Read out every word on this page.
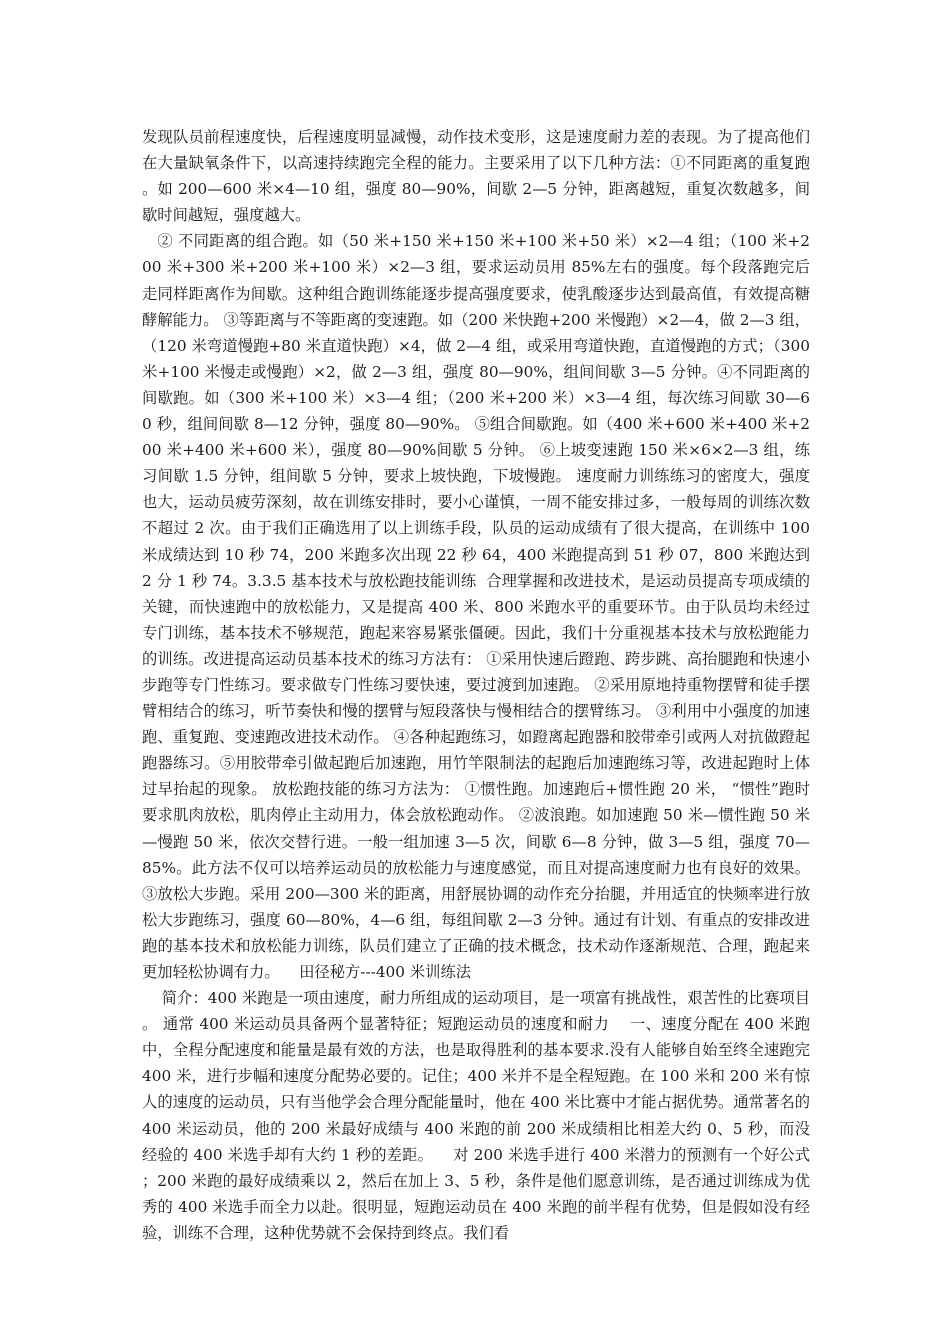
发现队员前程速度快，后程速度明显减慢，动作技术变形，这是速度耐力差的表现。为了提高他们在大量缺氧条件下，以高速持续跑完全程的能力。主要采用了以下几种方法：①不同距离的重复跑。如 200—600 米×4—10 组，强度 80—90%，间歇 2—5 分钟，距离越短，重复次数越多，间歇时间越短，强度越大。

② 不同距离的组合跑。如（50 米+150 米+150 米+100 米+50 米）×2—4 组；（100 米+200 米+300 米+200 米+100 米）×2—3 组，要求运动员用 85%左右的强度。每个段落跑完后走同样距离作为间歇。这种组合跑训练能逐步提高强度要求，使乳酸逐步达到最高值，有效提高糖酵解能力。 ③等距离与不等距离的变速跑。如（200 米快跑+200 米慢跑）×2—4，做 2—3 组，（120 米弯道慢跑+80 米直道快跑）×4，做 2—4 组，或采用弯道快跑，直道慢跑的方式；（300 米+100 米慢走或慢跑）×2，做 2—3 组，强度 80—90%，组间间歇 3—5 分钟。④不同距离的间歇跑。如（300 米+100 米）×3—4 组；（200 米+200 米）×3—4 组，每次练习间歇 30—60 秒，组间间歇 8—12 分钟，强度 80—90%。 ⑤组合间歇跑。如（400 米+600 米+400 米+200 米+400 米+600 米），强度 80—90%间歇 5 分钟。 ⑥上坡变速跑 150 米×6×2—3 组，练习间歇 1.5 分钟，组间歇 5 分钟，要求上坡快跑，下坡慢跑。 速度耐力训练练习的密度大，强度也大，运动员疲劳深刻，故在训练安排时，要小心谨慎，一周不能安排过多，一般每周的训练次数不超过 2 次。由于我们正确选用了以上训练手段，队员的运动成绩有了很大提高，在训练中 100 米成绩达到 10 秒 74，200 米跑多次出现 22 秒 64，400 米跑提高到 51 秒 07，800 米跑达到 2 分 1 秒 74。3.3.5 基本技术与放松跑技能训练  合理掌握和改进技术，是运动员提高专项成绩的关键，而快速跑中的放松能力，又是提高 400 米、800 米跑水平的重要环节。由于队员均未经过专门训练，基本技术不够规范，跑起来容易紧张僵硬。因此，我们十分重视基本技术与放松跑能力的训练。改进提高运动员基本技术的练习方法有： ①采用快速后蹬跑、跨步跳、高抬腿跑和快速小步跑等专门性练习。要求做专门性练习要快速，要过渡到加速跑。 ②采用原地持重物摆臂和徒手摆臂相结合的练习，听节奏快和慢的摆臂与短段落快与慢相结合的摆臂练习。 ③利用中小强度的加速跑、重复跑、变速跑改进技术动作。 ④各种起跑练习，如蹬离起跑器和胶带牵引或两人对抗做蹬起跑器练习。⑤用胶带牵引做起跑后加速跑，用竹竿限制法的起跑后加速跑练习等，改进起跑时上体过早抬起的现象。 放松跑技能的练习方法为： ①惯性跑。加速跑后+惯性跑 20 米， “惯性”跑时要求肌肉放松，肌肉停止主动用力，体会放松跑动作。 ②波浪跑。如加速跑 50 米—惯性跑 50 米—慢跑 50 米，依次交替行进。一般一组加速 3—5 次，间歇 6—8 分钟，做 3—5 组，强度 70—85%。此方法不仅可以培养运动员的放松能力与速度感觉，而且对提高速度耐力也有良好的效果。 ③放松大步跑。采用 200—300 米的距离，用舒展协调的动作充分抬腿，并用适宜的快频率进行放松大步跑练习，强度 60—80%，4—6 组，每组间歇 2—3 分钟。通过有计划、有重点的安排改进跑的基本技术和放松能力训练，队员们建立了正确的技术概念，技术动作逐渐规范、合理，跑起来更加轻松协调有力。    田径秘方---400 米训练法

简介：400 米跑是一项由速度，耐力所组成的运动项目，是一项富有挑战性，艰苦性的比赛项目。 通常 400 米运动员具备两个显著特征；短跑运动员的速度和耐力    一、速度分配在 400 米跑中，全程分配速度和能量是最有效的方法，也是取得胜利的基本要求.没有人能够自始至终全速跑完 400 米，进行步幅和速度分配势必要的。记住；400 米并不是全程短跑。在 100 米和 200 米有惊人的速度的运动员，只有当他学会合理分配能量时，他在 400 米比赛中才能占据优势。通常著名的 400 米运动员，他的 200 米最好成绩与 400 米跑的前 200 米成绩相比相差大约 0、5 秒，而没经验的 400 米选手却有大约 1 秒的差距。    对 200 米选手进行 400 米潜力的预测有一个好公式；200 米跑的最好成绩乘以 2，然后在加上 3、5 秒，条件是他们愿意训练，是否通过训练成为优秀的 400 米选手而全力以赴。很明显，短跑运动员在 400 米跑的前半程有优势，但是假如没有经验，训练不合理，这种优势就不会保持到终点。我们看
